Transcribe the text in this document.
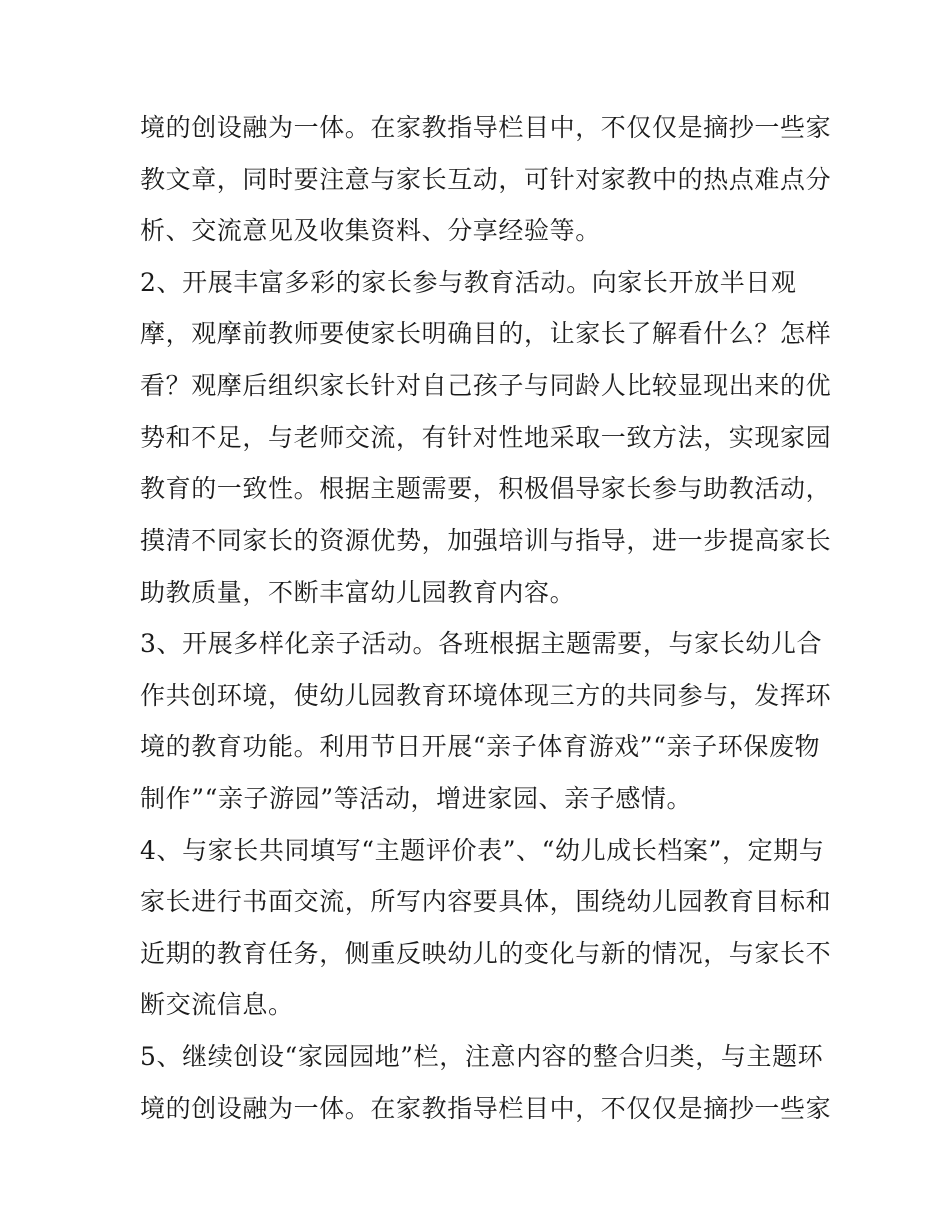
境的创设融为一体。在家教指导栏目中，不仅仅是摘抄一些家
教文章，同时要注意与家长互动，可针对家教中的热点难点分
析、交流意见及收集资料、分享经验等。
2、开展丰富多彩的家长参与教育活动。向家长开放半日观
摩，观摩前教师要使家长明确目的，让家长了解看什么？怎样
看？观摩后组织家长针对自己孩子与同龄人比较显现出来的优
势和不足，与老师交流，有针对性地采取一致方法，实现家园
教育的一致性。根据主题需要，积极倡导家长参与助教活动，
摸清不同家长的资源优势，加强培训与指导，进一步提高家长
助教质量，不断丰富幼儿园教育内容。
3、开展多样化亲子活动。各班根据主题需要，与家长幼儿合
作共创环境，使幼儿园教育环境体现三方的共同参与，发挥环
境的教育功能。利用节日开展“亲子体育游戏”“亲子环保废物
制作”“亲子游园”等活动，增进家园、亲子感情。
4、与家长共同填写“主题评价表”、“幼儿成长档案”，定期与
家长进行书面交流，所写内容要具体，围绕幼儿园教育目标和
近期的教育任务，侧重反映幼儿的变化与新的情况，与家长不
断交流信息。
5、继续创设“家园园地”栏，注意内容的整合归类，与主题环
境的创设融为一体。在家教指导栏目中，不仅仅是摘抄一些家
